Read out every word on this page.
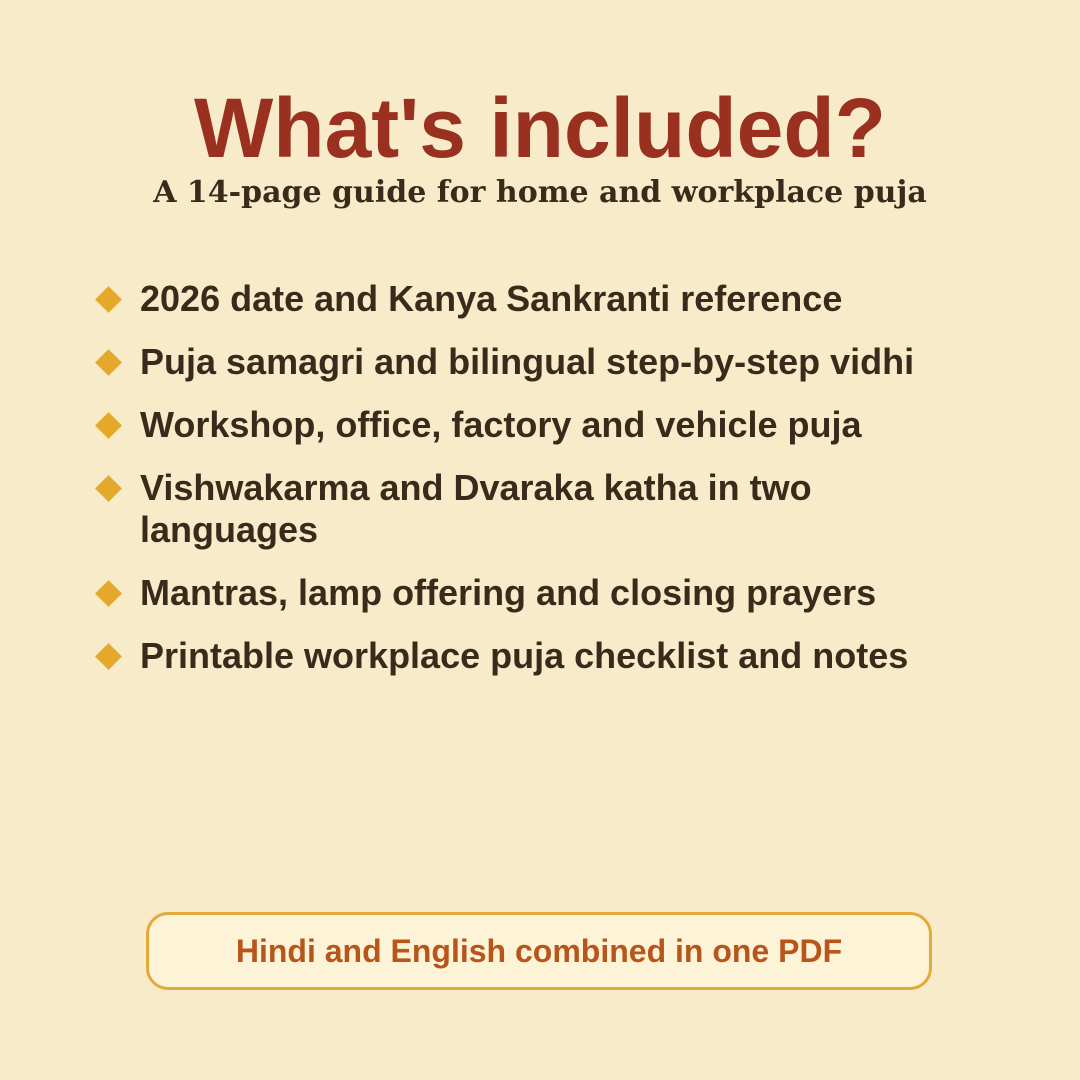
What's included?
A 14-page guide for home and workplace puja
2026 date and Kanya Sankranti reference
Puja samagri and bilingual step-by-step vidhi
Workshop, office, factory and vehicle puja
Vishwakarma and Dvaraka katha in two languages
Mantras, lamp offering and closing prayers
Printable workplace puja checklist and notes
Hindi and English combined in one PDF
